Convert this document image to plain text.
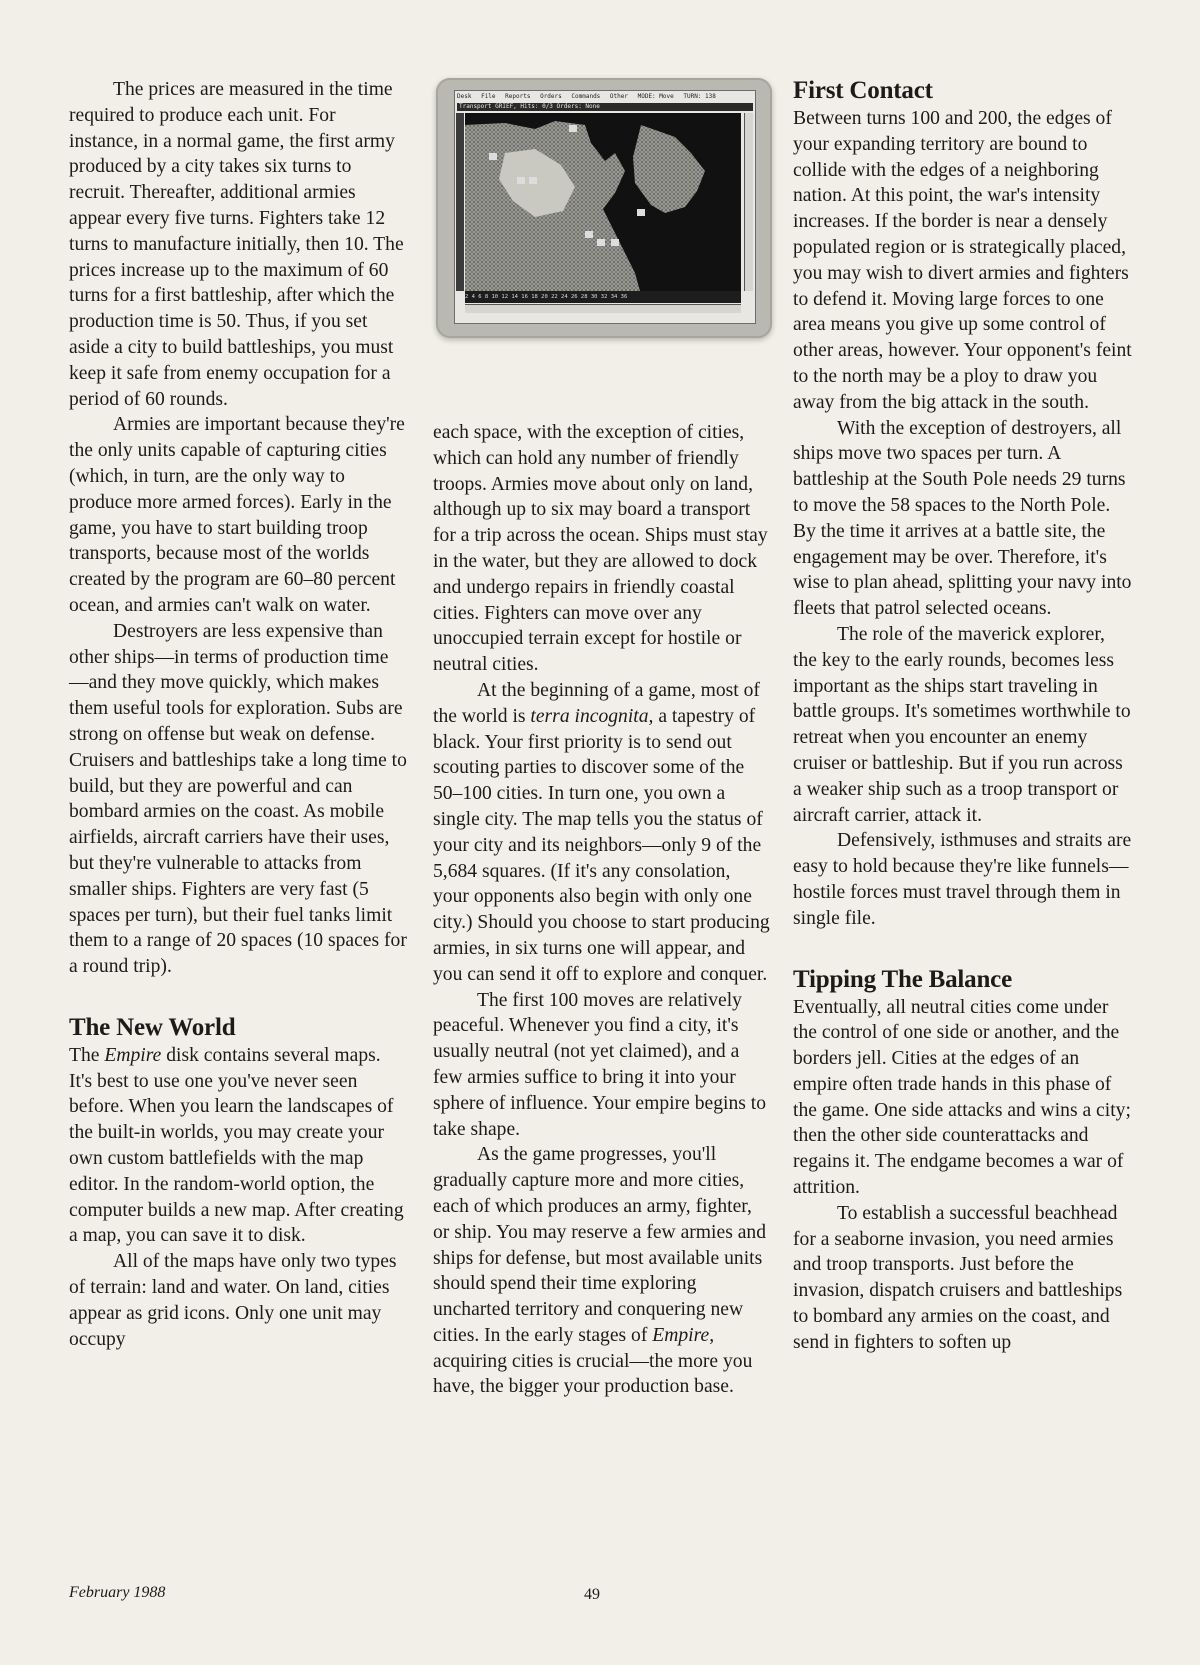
Desk File Reports Orders Commands Other MODE: Move TURN: 138
Transport GRIEF, Hits: 0/3 Orders: None
2 4 6 8 10 12 14 16 18 20 22 24 26 28 30 32 34 36

The prices are measured in the time required to produce each unit. For instance, in a normal game, the first army produced by a city takes six turns to recruit. Thereafter, additional armies appear every five turns. Fighters take 12 turns to manufacture initially, then 10. The prices increase up to the maximum of 60 turns for a first battleship, after which the production time is 50. Thus, if you set aside a city to build battleships, you must keep it safe from enemy occupation for a period of 60 rounds.

Armies are important because they're the only units capable of capturing cities (which, in turn, are the only way to produce more armed forces). Early in the game, you have to start building troop transports, because most of the worlds created by the program are 60–80 percent ocean, and armies can't walk on water.

Destroyers are less expensive than other ships—in terms of production time—and they move quickly, which makes them useful tools for exploration. Subs are strong on offense but weak on defense. Cruisers and battleships take a long time to build, but they are powerful and can bombard armies on the coast. As mobile airfields, aircraft carriers have their uses, but they're vulnerable to attacks from smaller ships. Fighters are very fast (5 spaces per turn), but their fuel tanks limit them to a range of 20 spaces (10 spaces for a round trip).

The New World

The Empire disk contains several maps. It's best to use one you've never seen before. When you learn the landscapes of the built-in worlds, you may create your own custom battlefields with the map editor. In the random-world option, the computer builds a new map. After creating a map, you can save it to disk.

All of the maps have only two types of terrain: land and water. On land, cities appear as grid icons. Only one unit may occupy

each space, with the exception of cities, which can hold any number of friendly troops. Armies move about only on land, although up to six may board a transport for a trip across the ocean. Ships must stay in the water, but they are allowed to dock and undergo repairs in friendly coastal cities. Fighters can move over any unoccupied terrain except for hostile or neutral cities.

At the beginning of a game, most of the world is terra incognita, a tapestry of black. Your first priority is to send out scouting parties to discover some of the 50–100 cities. In turn one, you own a single city. The map tells you the status of your city and its neighbors—only 9 of the 5,684 squares. (If it's any consolation, your opponents also begin with only one city.) Should you choose to start producing armies, in six turns one will appear, and you can send it off to explore and conquer.

The first 100 moves are relatively peaceful. Whenever you find a city, it's usually neutral (not yet claimed), and a few armies suffice to bring it into your sphere of influence. Your empire begins to take shape.

As the game progresses, you'll gradually capture more and more cities, each of which produces an army, fighter, or ship. You may reserve a few armies and ships for defense, but most available units should spend their time exploring uncharted territory and conquering new cities. In the early stages of Empire, acquiring cities is crucial—the more you have, the bigger your production base.

First Contact

Between turns 100 and 200, the edges of your expanding territory are bound to collide with the edges of a neighboring nation. At this point, the war's intensity increases. If the border is near a densely populated region or is strategically placed, you may wish to divert armies and fighters to defend it. Moving large forces to one area means you give up some control of other areas, however. Your opponent's feint to the north may be a ploy to draw you away from the big attack in the south.

With the exception of destroyers, all ships move two spaces per turn. A battleship at the South Pole needs 29 turns to move the 58 spaces to the North Pole. By the time it arrives at a battle site, the engagement may be over. Therefore, it's wise to plan ahead, splitting your navy into fleets that patrol selected oceans.

The role of the maverick explorer, the key to the early rounds, becomes less important as the ships start traveling in battle groups. It's sometimes worthwhile to retreat when you encounter an enemy cruiser or battleship. But if you run across a weaker ship such as a troop transport or aircraft carrier, attack it.

Defensively, isthmuses and straits are easy to hold because they're like funnels—hostile forces must travel through them in single file.

Tipping The Balance

Eventually, all neutral cities come under the control of one side or another, and the borders jell. Cities at the edges of an empire often trade hands in this phase of the game. One side attacks and wins a city; then the other side counterattacks and regains it. The endgame becomes a war of attrition.

To establish a successful beachhead for a seaborne invasion, you need armies and troop transports. Just before the invasion, dispatch cruisers and battleships to bombard any armies on the coast, and send in fighters to soften up

February 1988	49
